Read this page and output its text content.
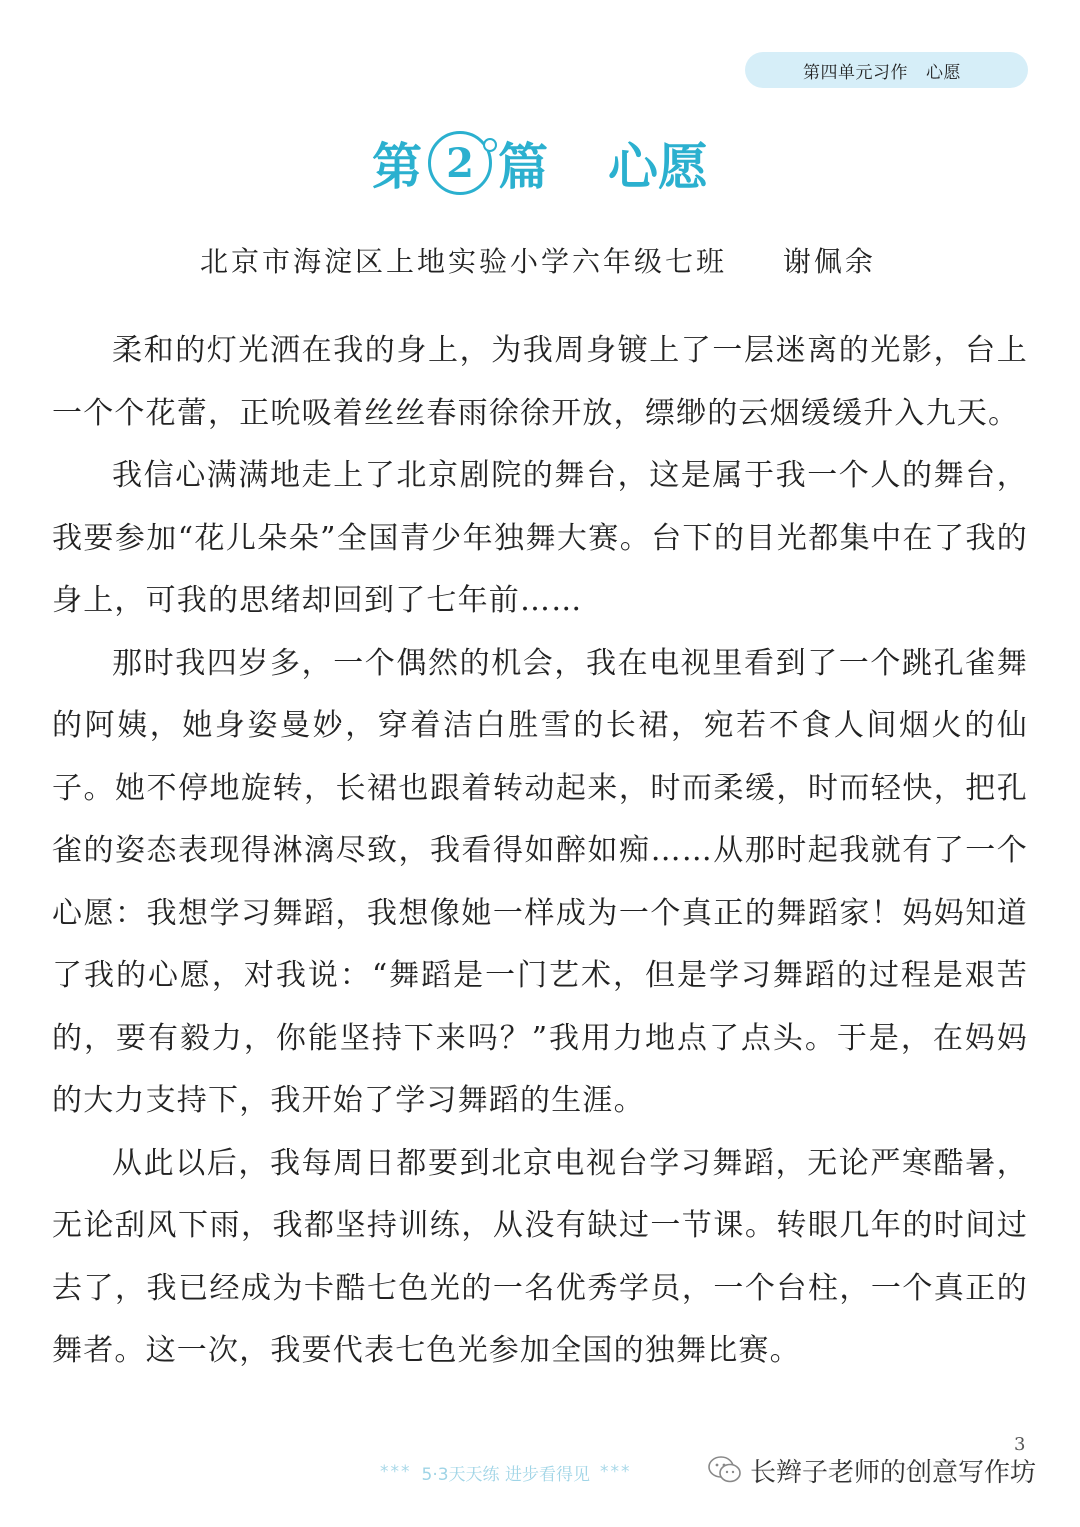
第四单元习作 心愿
第 2 篇 心愿
北京市海淀区上地实验小学六年级七班 谢佩余

柔和的灯光洒在我的身上，为我周身镀上了一层迷离的光影，台上一个个花蕾，正吮吸着丝丝春雨徐徐开放，缥缈的云烟缓缓升入九天。

我信心满满地走上了北京剧院的舞台，这是属于我一个人的舞台，我要参加“花儿朵朵”全国青少年独舞大赛。台下的目光都集中在了我的身上，可我的思绪却回到了七年前……

那时我四岁多，一个偶然的机会，我在电视里看到了一个跳孔雀舞的阿姨，她身姿曼妙，穿着洁白胜雪的长裙，宛若不食人间烟火的仙子。她不停地旋转，长裙也跟着转动起来，时而柔缓，时而轻快，把孔雀的姿态表现得淋漓尽致，我看得如醉如痴……从那时起我就有了一个心愿：我想学习舞蹈，我想像她一样成为一个真正的舞蹈家！妈妈知道了我的心愿，对我说：“舞蹈是一门艺术，但是学习舞蹈的过程是艰苦的，要有毅力，你能坚持下来吗？”我用力地点了点头。于是，在妈妈的大力支持下，我开始了学习舞蹈的生涯。

从此以后，我每周日都要到北京电视台学习舞蹈，无论严寒酷暑，无论刮风下雨，我都坚持训练，从没有缺过一节课。转眼几年的时间过去了，我已经成为卡酷七色光的一名优秀学员，一个台柱，一个真正的舞者。这一次，我要代表七色光参加全国的独舞比赛。

*** 5·3天天练 进步看得见 ***
3
长辫子老师的创意写作坊
